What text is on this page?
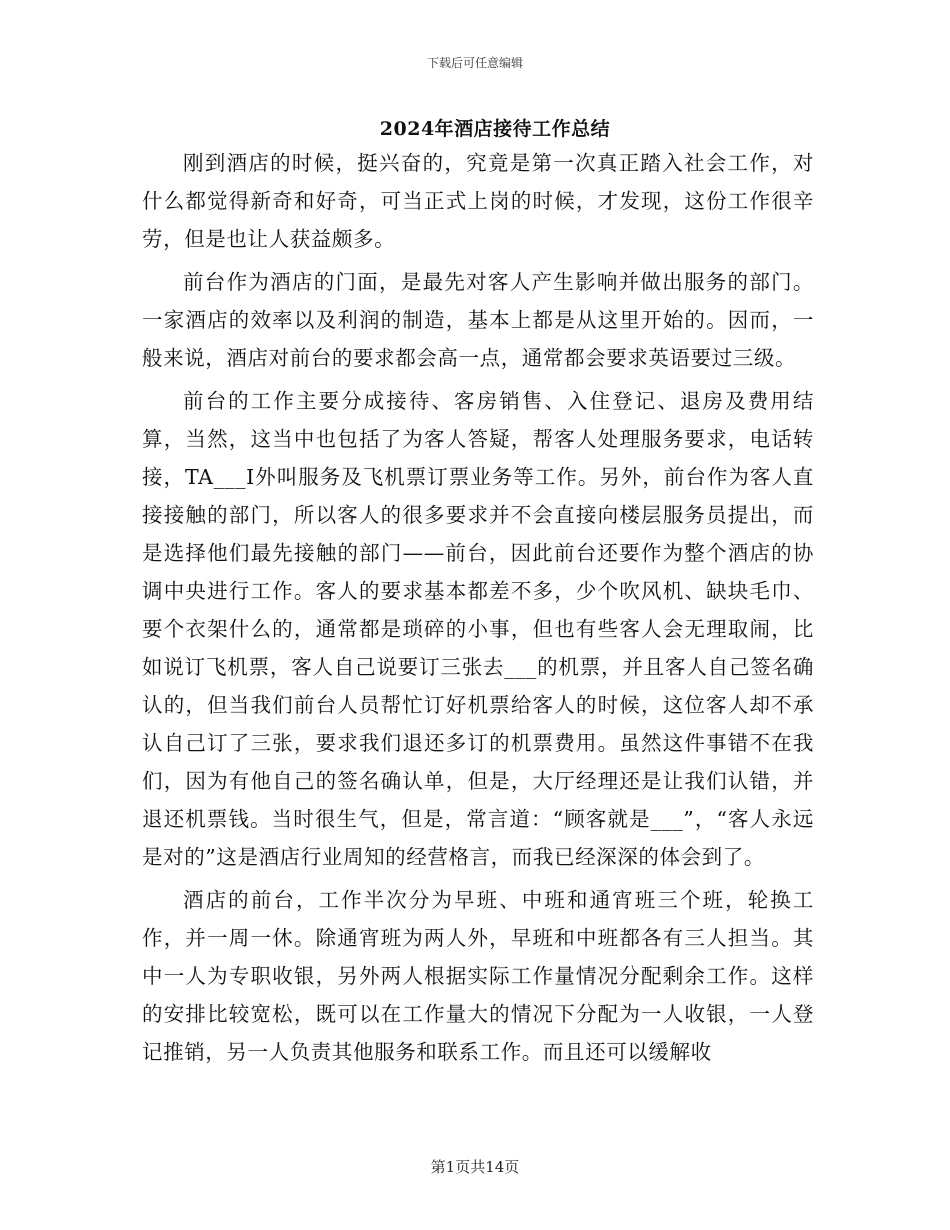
下载后可任意编辑
2024年酒店接待工作总结

刚到酒店的时候，挺兴奋的，究竟是第一次真正踏入社会工作，对什么都觉得新奇和好奇，可当正式上岗的时候，才发现，这份工作很辛劳，但是也让人获益颇多。

前台作为酒店的门面，是最先对客人产生影响并做出服务的部门。一家酒店的效率以及利润的制造，基本上都是从这里开始的。因而，一般来说，酒店对前台的要求都会高一点，通常都会要求英语要过三级。

前台的工作主要分成接待、客房销售、入住登记、退房及费用结算，当然，这当中也包括了为客人答疑，帮客人处理服务要求，电话转接，TA___I外叫服务及飞机票订票业务等工作。另外，前台作为客人直接接触的部门，所以客人的很多要求并不会直接向楼层服务员提出，而是选择他们最先接触的部门——前台，因此前台还要作为整个酒店的协调中央进行工作。客人的要求基本都差不多，少个吹风机、缺块毛巾、要个衣架什么的，通常都是琐碎的小事，但也有些客人会无理取闹，比如说订飞机票，客人自己说要订三张去___的机票，并且客人自己签名确认的，但当我们前台人员帮忙订好机票给客人的时候，这位客人却不承认自己订了三张，要求我们退还多订的机票费用。虽然这件事错不在我们，因为有他自己的签名确认单，但是，大厅经理还是让我们认错，并退还机票钱。当时很生气，但是，常言道：“顾客就是___”，“客人永远是对的”这是酒店行业周知的经营格言，而我已经深深的体会到了。

酒店的前台，工作半次分为早班、中班和通宵班三个班，轮换工作，并一周一休。除通宵班为两人外，早班和中班都各有三人担当。其中一人为专职收银，另外两人根据实际工作量情况分配剩余工作。这样的安排比较宽松，既可以在工作量大的情况下分配为一人收银，一人登记推销，另一人负责其他服务和联系工作。而且还可以缓解收

第1页共14页
